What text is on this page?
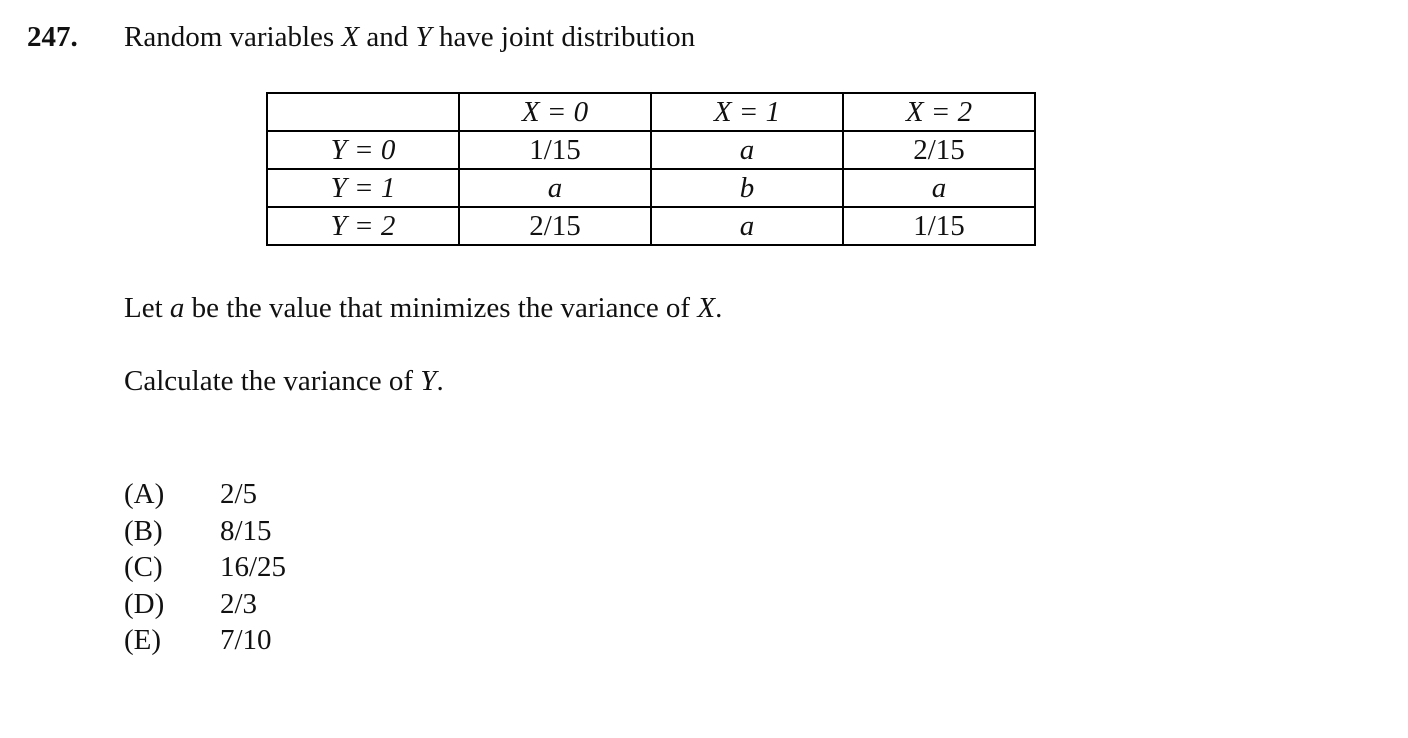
247. Random variables X and Y have joint distribution
	X = 0	X = 1	X = 2
Y = 0	1/15	a	2/15
Y = 1	a	b	a
Y = 2	2/15	a	1/15
Let a be the value that minimizes the variance of X.
Calculate the variance of Y.
(A) 2/5
(B) 8/15
(C) 16/25
(D) 2/3
(E) 7/10
